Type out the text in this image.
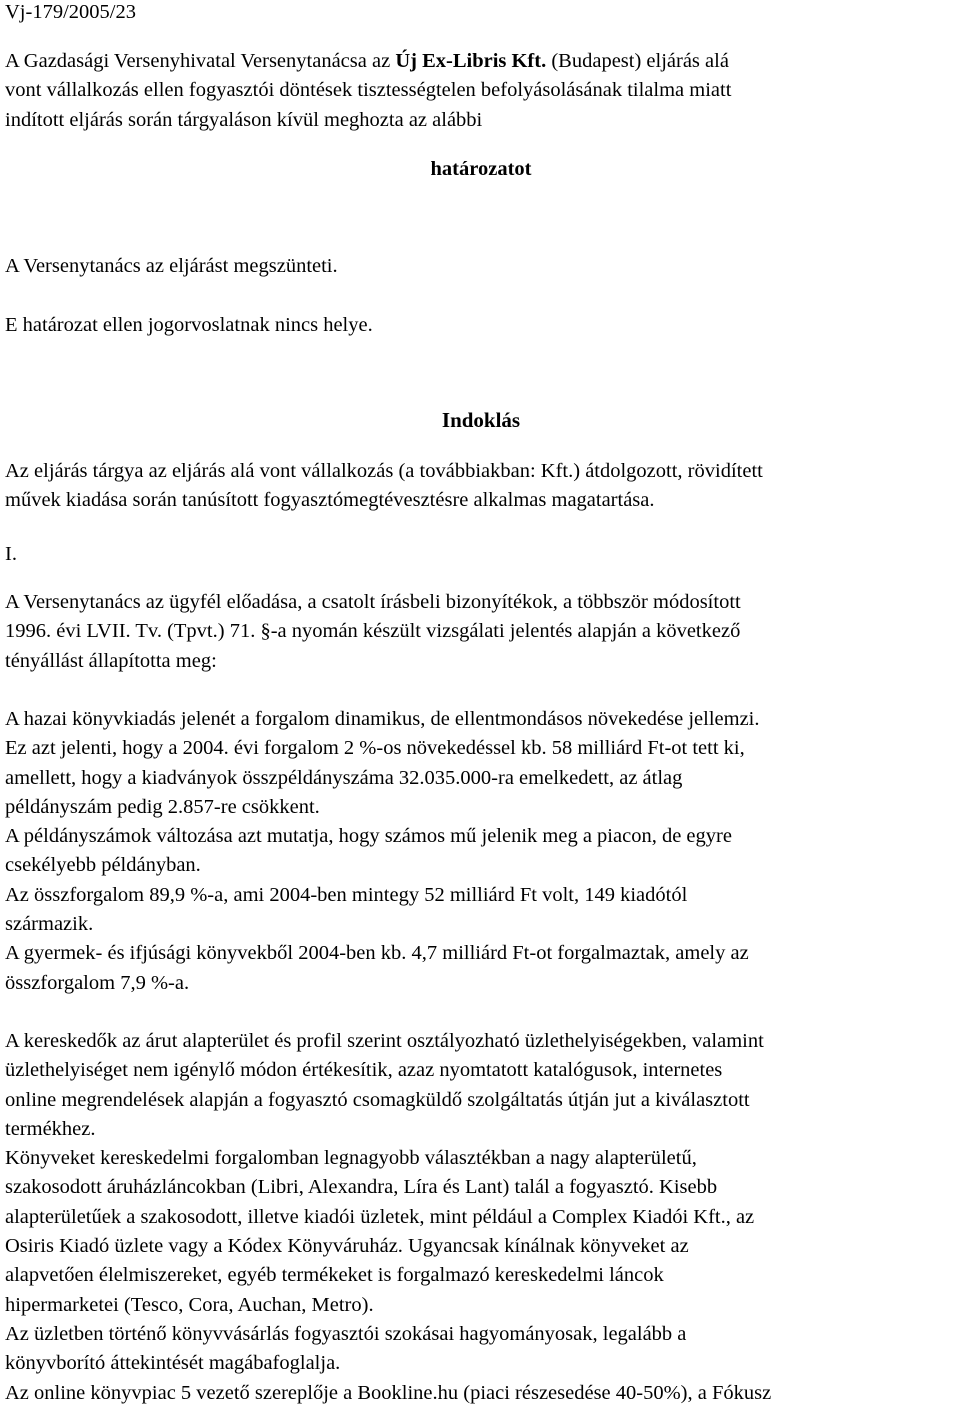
Vj-179/2005/23
A Gazdasági Versenyhivatal Versenytanácsa az Új Ex-Libris Kft. (Budapest) eljárás alá
vont vállalkozás ellen fogyasztói döntések tisztességtelen befolyásolásának tilalma miatt
indított eljárás során tárgyaláson kívül meghozta az alábbi
határozatot
A Versenytanács az eljárást megszünteti.
E határozat ellen jogorvoslatnak nincs helye.
Indoklás
Az eljárás tárgya az eljárás alá vont vállalkozás (a továbbiakban: Kft.) átdolgozott, rövidített
művek kiadása során tanúsított fogyasztómegtévesztésre alkalmas magatartása.
I.
A Versenytanács az ügyfél előadása, a csatolt írásbeli bizonyítékok, a többször módosított
1996. évi LVII. Tv. (Tpvt.) 71. §-a nyomán készült vizsgálati jelentés alapján a következő
tényállást állapította meg:
A hazai könyvkiadás jelenét a forgalom dinamikus, de ellentmondásos növekedése jellemzi.
Ez azt jelenti, hogy a 2004. évi forgalom 2 %-os növekedéssel kb. 58 milliárd Ft-ot tett ki,
amellett, hogy a kiadványok összpéldányszáma 32.035.000-ra emelkedett, az átlag
példányszám pedig 2.857-re csökkent.
A példányszámok változása azt mutatja, hogy számos mű jelenik meg a piacon, de egyre
csekélyebb példányban.
Az összforgalom 89,9 %-a, ami 2004-ben mintegy 52 milliárd Ft volt, 149 kiadótól
származik.
A gyermek- és ifjúsági könyvekből 2004-ben kb. 4,7 milliárd Ft-ot forgalmaztak, amely az
összforgalom 7,9 %-a.
A kereskedők az árut alapterület és profil szerint osztályozható üzlethelyiségekben, valamint
üzlethelyiséget nem igénylő módon értékesítik, azaz nyomtatott katalógusok, internetes
online megrendelések alapján a fogyasztó csomagküldő szolgáltatás útján jut a kiválasztott
termékhez.
Könyveket kereskedelmi forgalomban legnagyobb választékban a nagy alapterületű,
szakosodott áruházláncokban (Libri, Alexandra, Líra és Lant) talál a fogyasztó. Kisebb
alapterületűek a szakosodott, illetve kiadói üzletek, mint például a Complex Kiadói Kft., az
Osiris Kiadó üzlete vagy a Kódex Könyváruház. Ugyancsak kínálnak könyveket az
alapvetően élelmiszereket, egyéb termékeket is forgalmazó kereskedelmi láncok
hipermarketei (Tesco, Cora, Auchan, Metro).
Az üzletben történő könyvvásárlás fogyasztói szokásai hagyományosak, legalább a
könyvborító áttekintését magábafoglalja.
Az online könyvpiac 5 vezető szereplője a Bookline.hu (piaci részesedése 40-50%), a Fókusz
